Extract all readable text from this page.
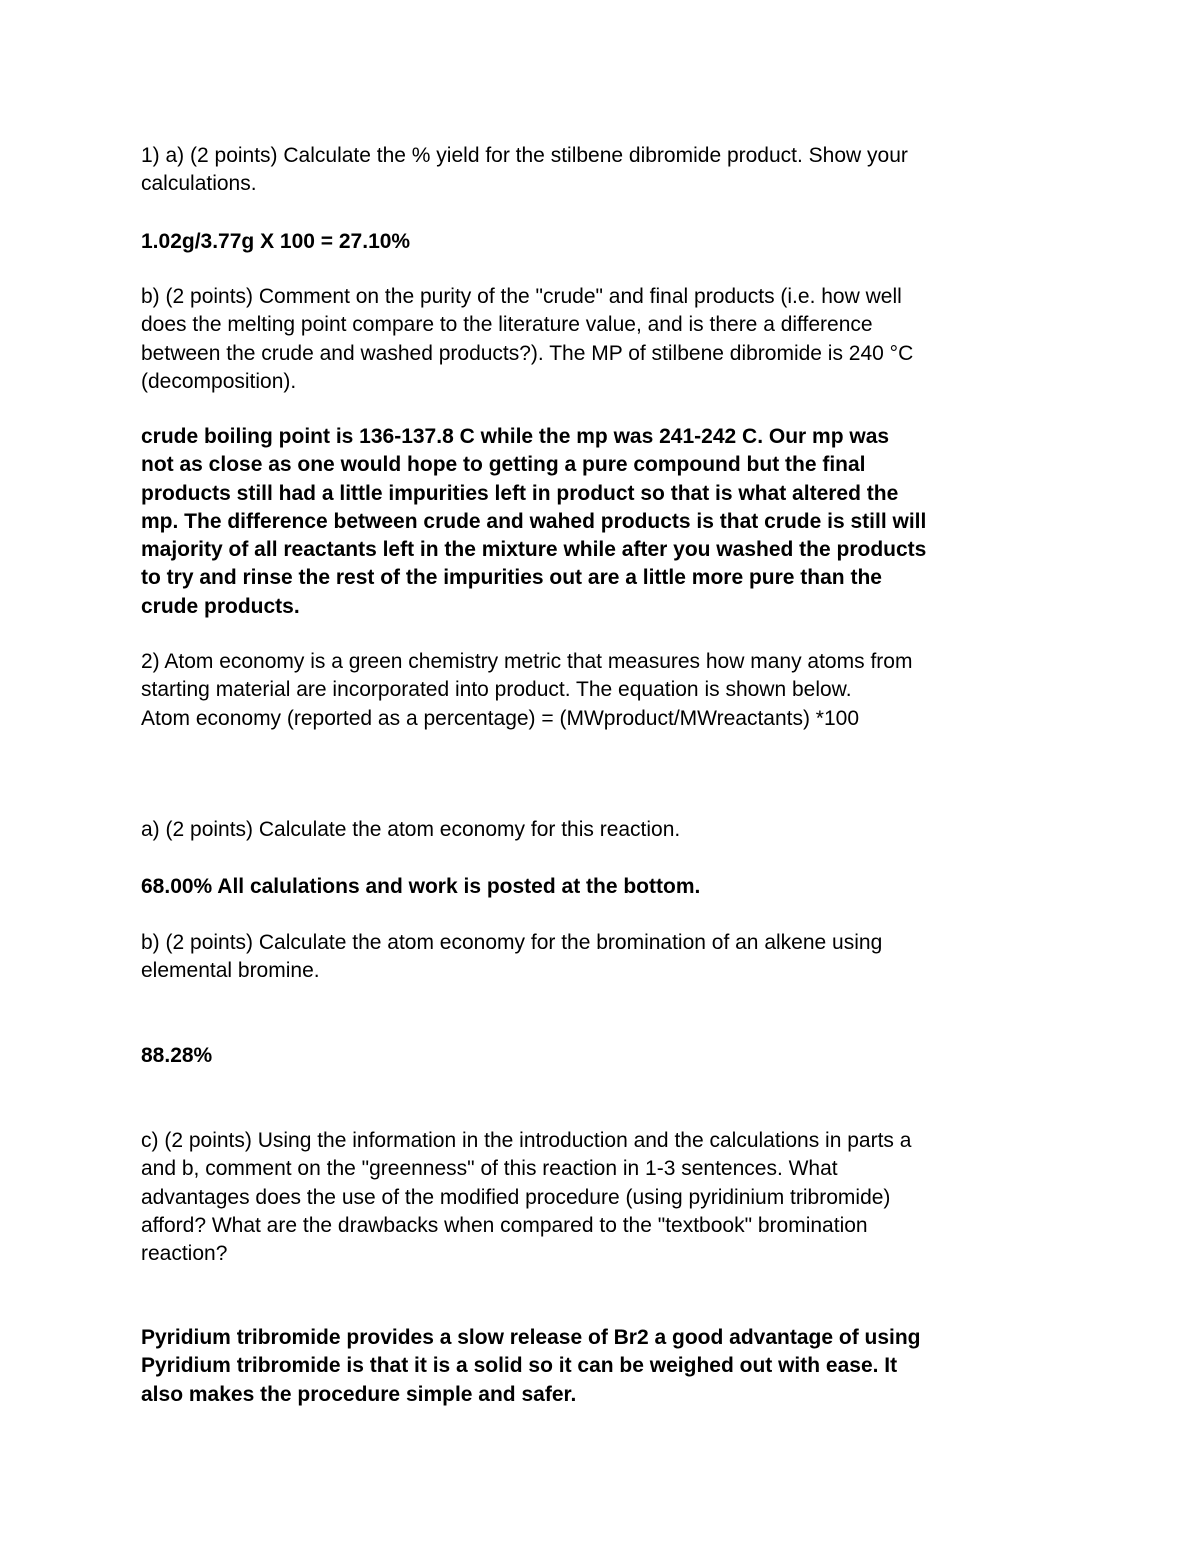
1) a) (2 points) Calculate the % yield for the stilbene dibromide product. Show your
calculations.
1.02g/3.77g X 100 = 27.10%
b) (2 points) Comment on the purity of the "crude" and final products (i.e. how well
does the melting point compare to the literature value, and is there a difference
between the crude and washed products?). The MP of stilbene dibromide is 240 °C
(decomposition).
crude boiling point is 136-137.8 C while the mp was 241-242 C. Our mp was
not as close as one would hope to getting a pure compound but the final
products still had a little impurities left in product so that is what altered the
mp. The difference between crude and wahed products is that crude is still will
majority of all reactants left in the mixture while after you washed the products
to try and rinse the rest of the impurities out are a little more pure than the
crude products.
2) Atom economy is a green chemistry metric that measures how many atoms from
starting material are incorporated into product. The equation is shown below.
Atom economy (reported as a percentage) = (MWproduct/MWreactants) *100
a) (2 points) Calculate the atom economy for this reaction.
68.00% All calulations and work is posted at the bottom.
b) (2 points) Calculate the atom economy for the bromination of an alkene using
elemental bromine.
88.28%
c) (2 points) Using the information in the introduction and the calculations in parts a
and b, comment on the "greenness" of this reaction in 1-3 sentences. What
advantages does the use of the modified procedure (using pyridinium tribromide)
afford? What are the drawbacks when compared to the "textbook" bromination
reaction?
Pyridium tribromide provides a slow release of Br2 a good advantage of using
Pyridium tribromide is that it is a solid so it can be weighed out with ease. It
also makes the procedure simple and safer.
